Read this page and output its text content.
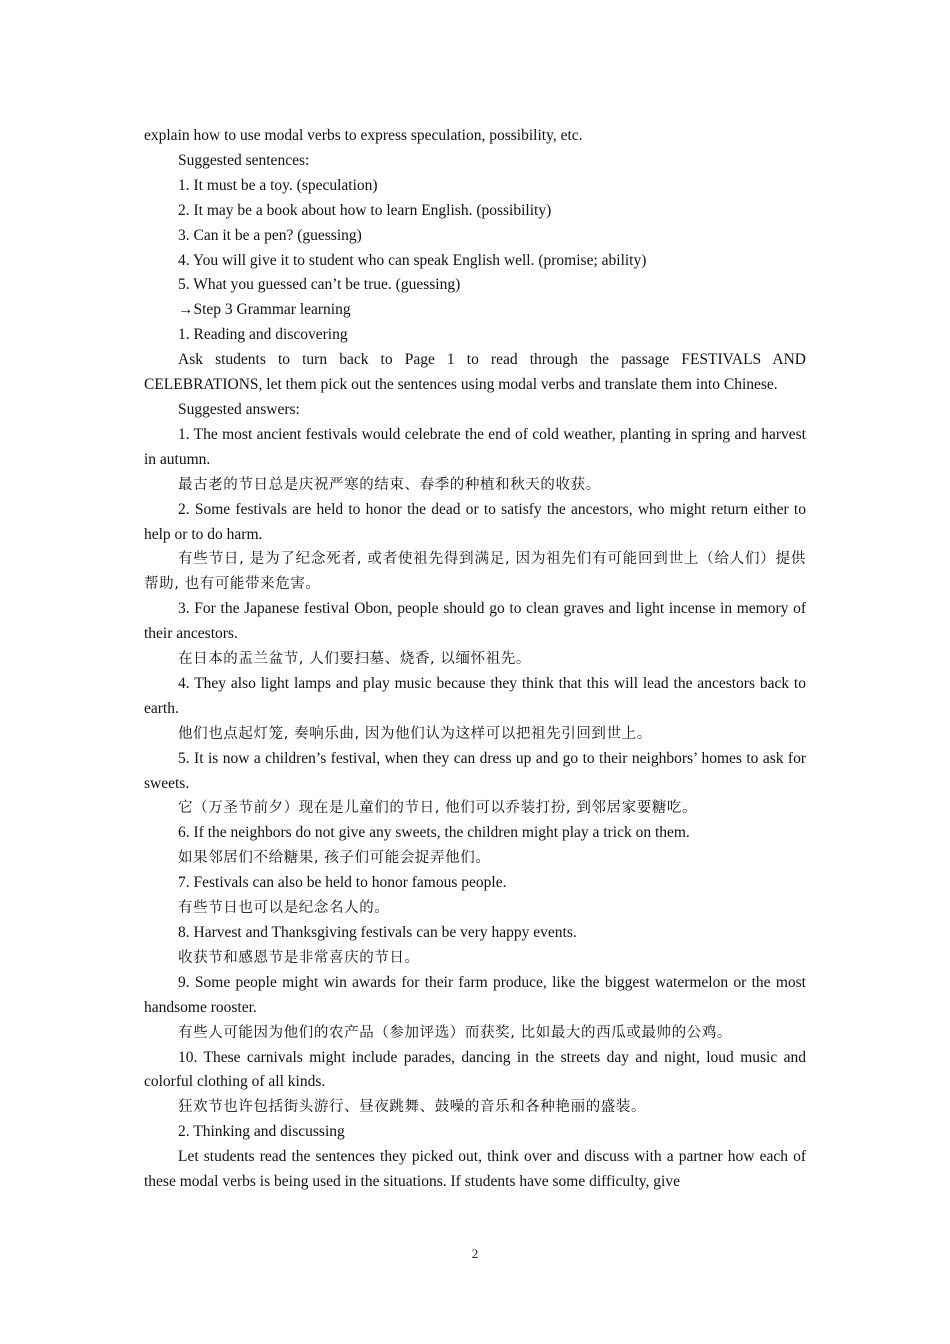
explain how to use modal verbs to express speculation, possibility, etc.

Suggested sentences:

1. It must be a toy. (speculation)

2. It may be a book about how to learn English. (possibility)

3. Can it be a pen? (guessing)

4. You will give it to student who can speak English well. (promise; ability)

5. What you guessed can’t be true. (guessing)

→Step 3 Grammar learning

1. Reading and discovering

Ask students to turn back to Page 1 to read through the passage FESTIVALS AND CELEBRATIONS, let them pick out the sentences using modal verbs and translate them into Chinese.

Suggested answers:

1. The most ancient festivals would celebrate the end of cold weather, planting in spring and harvest in autumn.

最古老的节日总是庆祝严寒的结束、春季的种植和秋天的收获。

2. Some festivals are held to honor the dead or to satisfy the ancestors, who might return either to help or to do harm.

有些节日, 是为了纪念死者, 或者使祖先得到满足, 因为祖先们有可能回到世上（给人们）提供帮助, 也有可能带来危害。

3. For the Japanese festival Obon, people should go to clean graves and light incense in memory of their ancestors.

在日本的盂兰盆节, 人们要扫墓、烧香, 以缅怀祖先。

4. They also light lamps and play music because they think that this will lead the ancestors back to earth.

他们也点起灯笼, 奏响乐曲, 因为他们认为这样可以把祖先引回到世上。

5. It is now a children’s festival, when they can dress up and go to their neighbors’ homes to ask for sweets.

它（万圣节前夕）现在是儿童们的节日, 他们可以乔装打扮, 到邻居家要糖吃。

6. If the neighbors do not give any sweets, the children might play a trick on them.

如果邻居们不给糖果, 孩子们可能会捉弄他们。

7. Festivals can also be held to honor famous people.

有些节日也可以是纪念名人的。

8. Harvest and Thanksgiving festivals can be very happy events.

收获节和感恩节是非常喜庆的节日。

9. Some people might win awards for their farm produce, like the biggest watermelon or the most handsome rooster.

有些人可能因为他们的农产品（参加评选）而获奖, 比如最大的西瓜或最帅的公鸡。

10. These carnivals might include parades, dancing in the streets day and night, loud music and colorful clothing of all kinds.

狂欢节也许包括街头游行、昼夜跳舞、鼓噪的音乐和各种艳丽的盛装。

2. Thinking and discussing

Let students read the sentences they picked out, think over and discuss with a partner how each of these modal verbs is being used in the situations. If students have some difficulty, give

2
